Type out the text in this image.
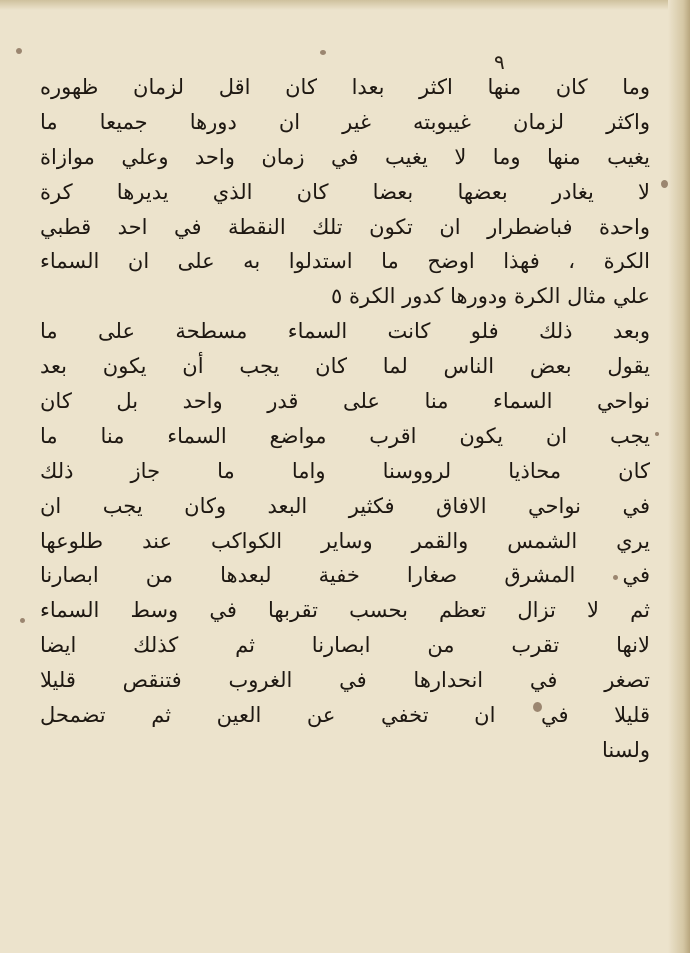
٩
وما كان منها اكثر بعدا كان اقل لزمان ظهوره
واكثر لزمان غيبوبته غير ان دورها جميعا ما
يغيب منها وما لا يغيب في زمان واحد وعلي موازاة
لا يغادر بعضها بعضا كان الذي يديرها كرة
واحدة فباضطرار ان تكون تلك النقطة في احد قطبي
الكرة ، فهذا اوضح ما استدلوا به على ان السماء
علي مثال الكرة ودورها كدور الكرة ٥
وبعد ذلك فلو كانت السماء مسطحة على ما
يقول بعض الناس لما كان يجب أن يكون بعد
نواحي السماء منا على قدر واحد بل كان
يجب ان يكون اقرب مواضع السماء منا ما
كان محاذيا لرووسنا واما ما جاز ذلك
في نواحي الافاق فكثير البعد وكان يجب ان
يري الشمس والقمر وساير الكواكب عند طلوعها
في المشرق صغارا خفية لبعدها من ابصارنا
ثم لا تزال تعظم بحسب تقربها في وسط السماء
لانها تقرب من ابصارنا ثم كذلك ايضا
تصغر في انحدارها في الغروب فتنقص قليلا
قليلا في ان تخفي عن العين ثم تضمحل
ولسنا
